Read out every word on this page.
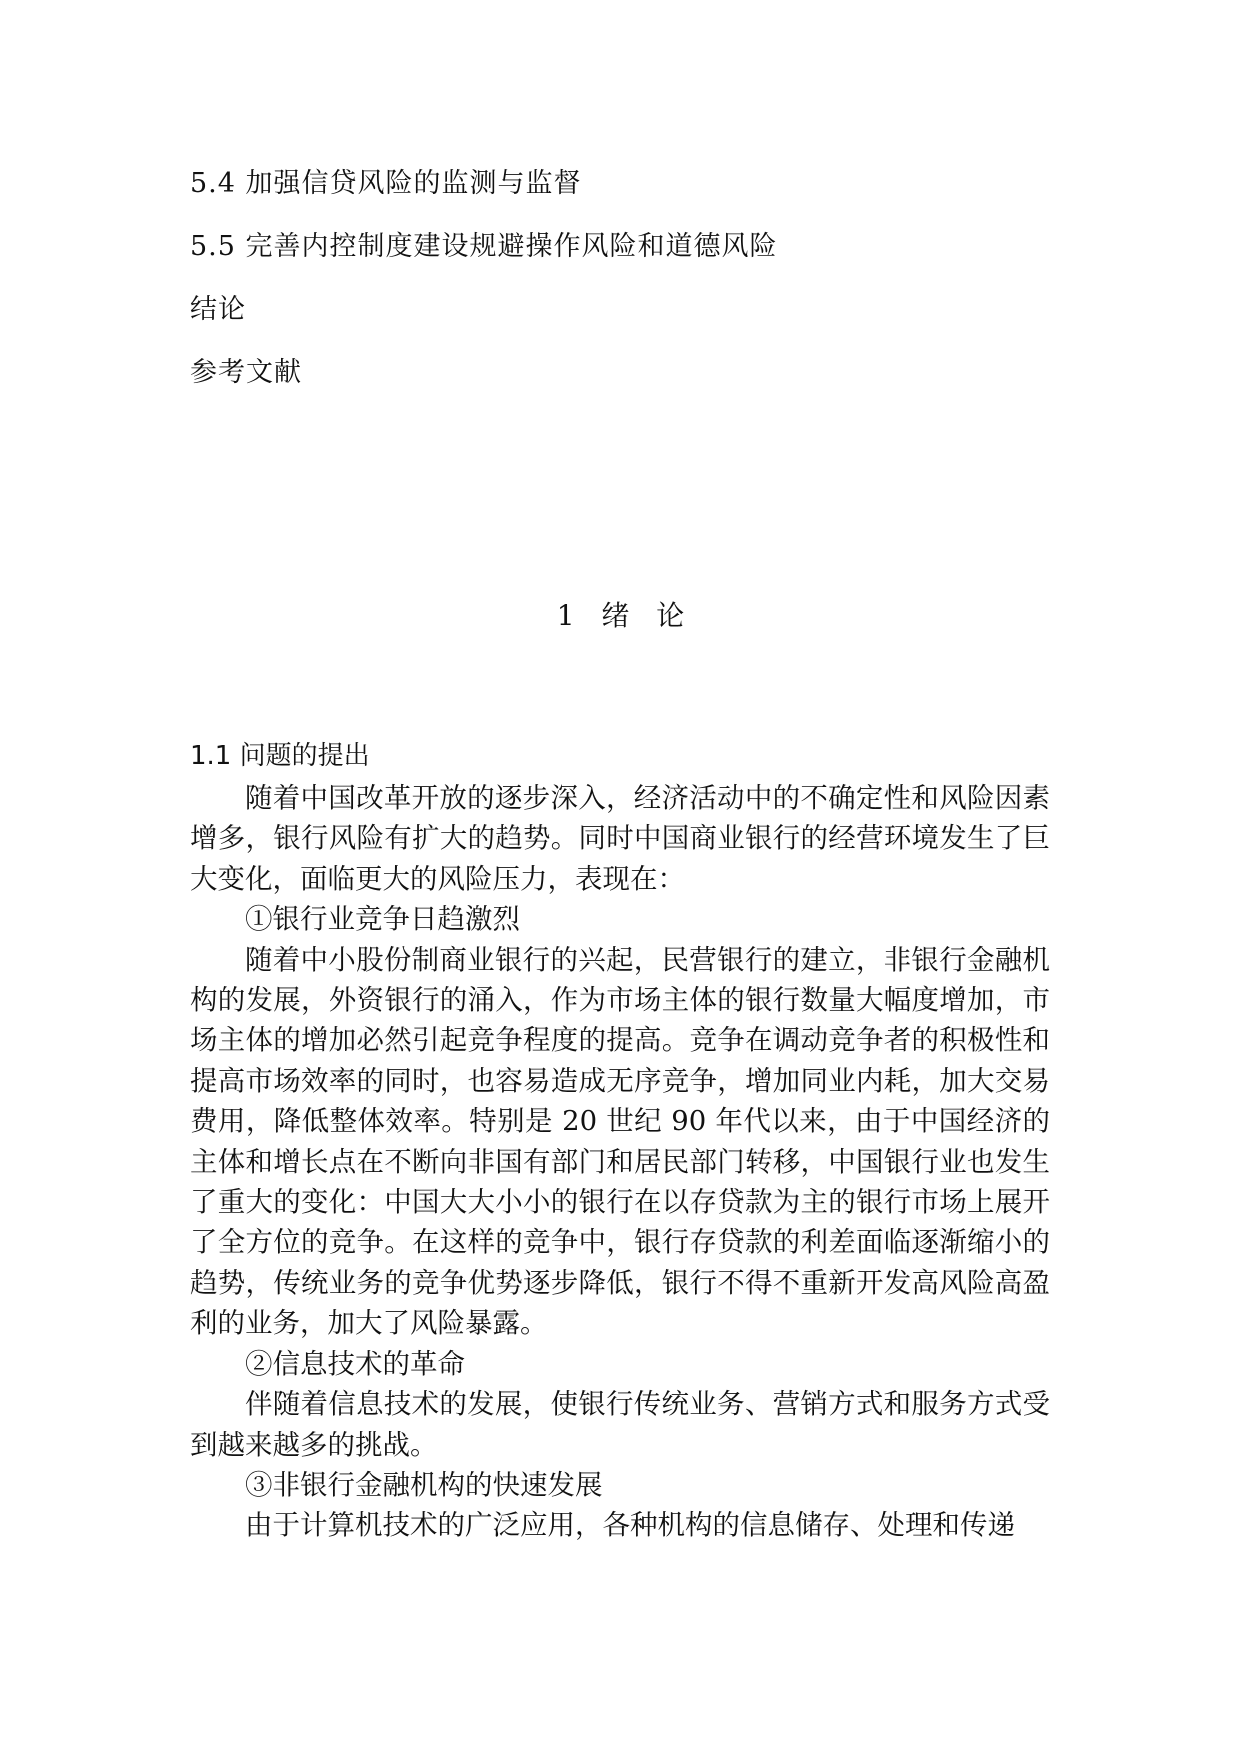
5.4 加强信贷风险的监测与监督
5.5 完善内控制度建设规避操作风险和道德风险
结论
参考文献
1 绪 论
1.1 问题的提出

随着中国改革开放的逐步深入，经济活动中的不确定性和风险因素增多，银行风险有扩大的趋势。同时中国商业银行的经营环境发生了巨大变化，面临更大的风险压力，表现在：

①银行业竞争日趋激烈

随着中小股份制商业银行的兴起，民营银行的建立，非银行金融机构的发展，外资银行的涌入，作为市场主体的银行数量大幅度增加，市场主体的增加必然引起竞争程度的提高。竞争在调动竞争者的积极性和提高市场效率的同时，也容易造成无序竞争，增加同业内耗，加大交易费用，降低整体效率。特别是 20 世纪 90 年代以来，由于中国经济的主体和增长点在不断向非国有部门和居民部门转移，中国银行业也发生了重大的变化：中国大大小小的银行在以存贷款为主的银行市场上展开了全方位的竞争。在这样的竞争中，银行存贷款的利差面临逐渐缩小的趋势，传统业务的竞争优势逐步降低，银行不得不重新开发高风险高盈利的业务，加大了风险暴露。

②信息技术的革命

伴随着信息技术的发展，使银行传统业务、营销方式和服务方式受到越来越多的挑战。

③非银行金融机构的快速发展

由于计算机技术的广泛应用，各种机构的信息储存、处理和传递
